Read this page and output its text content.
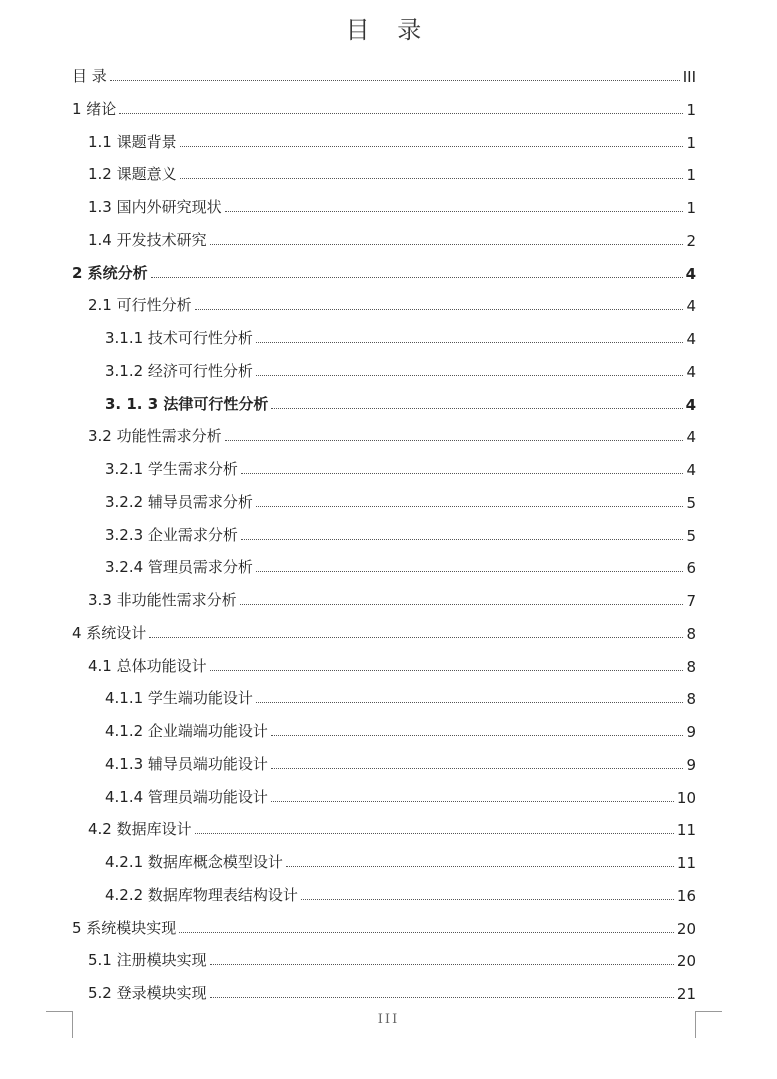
目 录
目 录	III
1 绪论	1
1.1 课题背景	1
1.2 课题意义	1
1.3 国内外研究现状	1
1.4 开发技术研究	2
2 系统分析	4
2.1 可行性分析	4
3.1.1 技术可行性分析	4
3.1.2 经济可行性分析	4
3. 1. 3 法律可行性分析	4
3.2 功能性需求分析	4
3.2.1 学生需求分析	4
3.2.2 辅导员需求分析	5
3.2.3 企业需求分析	5
3.2.4 管理员需求分析	6
3.3 非功能性需求分析	7
4 系统设计	8
4.1 总体功能设计	8
4.1.1 学生端功能设计	8
4.1.2 企业端端功能设计	9
4.1.3 辅导员端功能设计	9
4.1.4 管理员端功能设计	10
4.2 数据库设计	11
4.2.1 数据库概念模型设计	11
4.2.2 数据库物理表结构设计	16
5 系统模块实现	20
5.1 注册模块实现	20
5.2 登录模块实现	21
III
